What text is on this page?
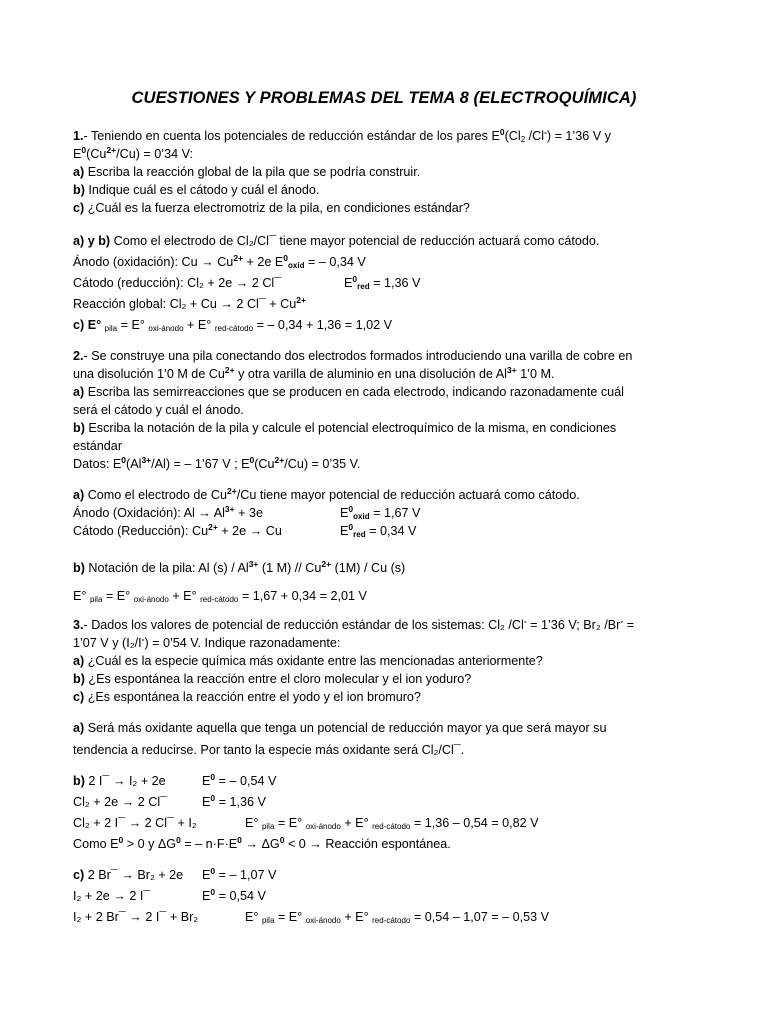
CUESTIONES Y PROBLEMAS DEL TEMA 8 (ELECTROQUÍMICA)
1.- Teniendo en cuenta los potenciales de reducción estándar de los pares $E^0(Cl_2$ /Cl-) = 1’36 V y
$E^0(Cu^{2+}/Cu)$ = 0’34 V:
a) Escriba la reacción global de la pila que se podría construir.
b) Indique cuál es el cátodo y cuál el ánodo.
c) ¿Cuál es la fuerza electromotriz de la pila, en condiciones estándar?
a) y b) Como el electrodo de Cl₂/Cl¯ tiene mayor potencial de reducción actuará como cátodo.
Ánodo (oxidación): $Cu \to Cu^{2+} + 2e$ $E^0_{oxid}$ = – 0,34 V
Cátodo (reducción): Cl₂ + 2e → 2 Cl¯	$E^0_{red} = 1,36$ V
Reacción global: Cl₂ + Cu → 2 Cl¯ + $Cu^{2+}$
c) E° $_{pila}$ = E° $_{oxi-ánodo}$ + E° $_{red-cátodo}$ = – 0,34 + 1,36 = 1,02 V
2.- Se construye una pila conectando dos electrodos formados introduciendo una varilla de cobre en
una disolución 1’0 M de $Cu^{2+}$ y otra varilla de aluminio en una disolución de $Al^{3+}$ 1’0 M.
a) Escriba las semirreacciones que se producen en cada electrodo, indicando razonadamente cuál
será el cátodo y cuál el ánodo.
b) Escriba la notación de la pila y calcule el potencial electroquímico de la misma, en condiciones
estándar
Datos: $E^0(Al^{3+}/Al)$ = – 1’67 V ; $E^0(Cu^{2+}/Cu)$ = 0’35 V.
a) Como el electrodo de $Cu^{2+}/Cu$ tiene mayor potencial de reducción actuará como cátodo.
Ánodo (Oxidación): $Al \to Al^{3+} + 3e$	$E^0_{oxid} = 1,67$ V
Cátodo (Reducción): $Cu^{2+} + 2e \to Cu$	$E^0_{red} = 0,34$ V
b) Notación de la pila: Al $(s) / Al^{3+}$ (1 $M) // Cu^{2+}$ (1M) / Cu (s)
E° $_{pila}$ = E° $_{oxi-ánodo}$ + E° $_{red-cátodo}$ = 1,67 + 0,34 = 2,01 V
3.- Dados los valores de potencial de reducción estándar de los sistemas: Cl₂ /Cl- = 1’36 V; Br₂ /Br- =
1’07 V y (I₂/I-) = 0’54 V. Indique razonadamente:
a) ¿Cuál es la especie química más oxidante entre las mencionadas anteriormente?
b) ¿Es espontánea la reacción entre el cloro molecular y el ion yoduro?
c) ¿Es espontánea la reacción entre el yodo y el ion bromuro?
a) Será más oxidante aquella que tenga un potencial de reducción mayor ya que será mayor su
tendencia a reducirse. Por tanto la especie más oxidante será Cl₂/Cl¯.
b) 2 I¯ → I₂ + 2e	$E^0$ = – 0,54 V
Cl₂ + 2e → 2 Cl¯	$E^0 = 1,36$ V
Cl₂ + 2 I¯ → 2 Cl¯ + I₂	E° $_{pila}$ = E° $_{oxi-ánodo}$ + E° $_{red-cátodo}$ = 1,36 – 0,54 = 0,82 V
Como $E^0 > 0$ y $\Delta G^0$ = – $n\cdot F\cdot E^0 \to \Delta G^0 < 0$ → Reacción espontánea.
c) 2 Br¯ → Br₂ + 2e $E^0$ = – 1,07 V
I₂ + 2e → 2 I¯	$E^0 = 0,54$ V
I₂ + 2 Br¯ → 2 I¯ + Br₂	E° $_{pila}$ = E° $_{oxi-ánodo}$ + E° $_{red-cátodo}$ = 0,54 – 1,07 = – 0,53 V
